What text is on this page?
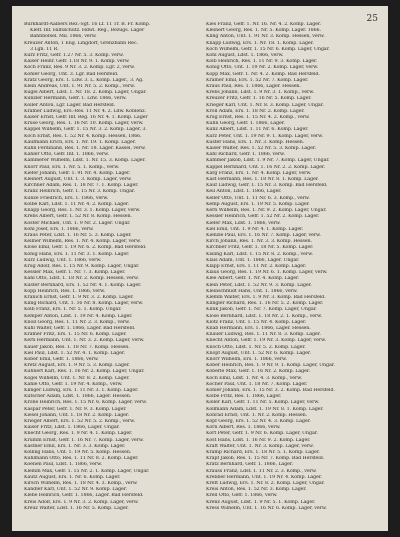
25
Burkhardt-Aalbers Rez.-Sgt. 16 Lf. 11 Tr. B. Fr. Komp.
Kleff. Inf. Hilfsschutz. Hdwl. Reg., Bezugs. Lager
Bahnhofsel. Mil. 1866, verw.
Kreuzer Anton, 1 Eng. Lingdorf, Grenzbahn Rec.
3 Lgn. 11 R.
Kurz Fritz, Gefr. 1.27 Nr. 5. 3. Komp. verw.
Kaiser Heinr. Gefr. 1.18 Nr. 9. 1. Komp. verw.
Koch Franz, Res. 9 Nr. 3. 2. Komp. Lgr. 2, verw.
Kohler Georg, Unt. 3. Lgr. Bad Hersfeld.
Kratz Georg, Ers. 1. Ldw. 3. L. Komp. Lager., 3. Ag.
Klein Andreas, Unt. 1. 91 Nr. 5. 2. Komp., verw.
Kugel Albert, Ldst. 1. Nr. 18. 2. Komp. Lager, Ungar.
Kunzler Hermann, Gefr. 1. Ldw. 1866, verw.
Koller Anton, Lgr. Lager. Bad Hersfeld.
Kramer Ludwig, Ers.-Res. 11 Nr. 4. 2. Ldw. Koblenz.
Kaiser Ernst, Gefr. Inf. Reg. 16 Nr. 4. 1. Komp. Lager
Kruse Georg, Res. 1. 16 Nr. 10. Komp. Lager, verw.
Kappel Wilhelm, Gefr. 1. 15 Nr. 3. 2. Komp. Lager, 3.
Koch Ernst, Res. 1. 52 Nr. 4. Komp. Hessen, 1866.
Kaufmann Erich, Ers. 1. Nr. 19. 1. Komp. Lager.
Kuhn Ferdinand, Res. 1. Nr. 18. Lager. Kassel, verw.
Kahler Otto, Gefr. Inf. 1. 1866, verw.
Kammerer Wilhelm, Ldst. 1. Nr. 15. 3. Komp. Lager.
Knorr Paul, Ers. 1. Nr. 5. 1. Komp., verw.
Kiefer Johann, Gefr. 1. 91 Nr. 4. Komp. Lager.
Kleinert August, Unt. 1. 3. Komp. Lager, verw.
Kirchner Adam, Res. 1. 18 Nr. 7. 1. Komp. Lager.
Kranz Heinrich, Gefr. 1. 15 Nr. 3. Komp. Ungar.
Kunze Friedrich, Ers. 1. 1866, verw.
Kolbe Karl, Ldst. 1. 11 Nr. 4. 2. Komp. Lager.
Knapp Georg, Res. 1. Nr. 3. 1. Komp. Lager, verw.
Krebs Albert, Gefr. 1. 52 Nr. 8. Komp. Hessen.
Koster Michael, Unt. 1. 9 Nr. 2. Lager. Ungar.
Kohl Josef, Ers. 1. 1866, verw.
Kraus Peter, Ldst. 1. 16 Nr. 5. 3. Komp. Lager.
Kellner Wilhelm, Res. 1. Nr. 4. Komp. Lager, verw.
Klose Emil, Gefr. 1. 19 Nr. 6. 2. Komp. Bad Hersfeld.
Konig Hans, Ers. 1. 11 Nr. 3. 1. Komp. Lager.
Kurz Ludwig, Unt. 1. 1866, verw.
Krug Adolf, Res. 1. 15 Nr. 9. Komp. Lager, Ungar.
Kessler Max, Gefr. 1. Nr. 7. 3. Komp. Lager.
Kahl Otto, Ldst. 1. 18 Nr. 2. Komp. Hessen, verw.
Kuster Bernhard, Ers. 1. 52 Nr. 4. 1. Komp. Lager.
Kopp Heinrich, Res. 1. 1866, verw.
Kranich Ernst, Gefr. 1. 9 Nr. 3. 2. Komp. Lager.
Kling Richard, Unt. 1. 16 Nr. 8. Komp. Lager, verw.
Kolb Franz, Ers. 1. Nr. 5. 1. Komp. Ungar.
Kemper Anton, Ldst. 1. 19 Nr. 4. Komp. Lager.
Knoll Georg, Res. 1. 11 Nr. 2. 3. Komp., verw.
Kuhl Walter, Gefr. 1. 1866, Lager. Bad Hersfeld.
Kramer Fritz, Ers. 1. 15 Nr. 6. Komp. Lager.
Kern Hermann, Unt. 1. Nr. 3. 2. Komp. Lager, verw.
Kauer Jakob, Res. 1. 18 Nr. 7. Komp. Hessen.
Kiel Paul, Ldst. 1. 52 Nr. 4. 1. Komp. Lager.
Kober Emil, Gefr. 1. 1866, verw.
Kretz August, Ers. 1. 9 Nr. 5. 3. Komp. Lager.
Kuhnert Karl, Res. 1. 16 Nr. 2. Komp. Lager, Ungar.
Kogel Wilhelm, Unt. 1. Nr. 8. 2. Komp. Lager.
Kahle Otto, Gefr. 1. 19 Nr. 4. Komp., verw.
Klinger Ludwig, Ers. 1. 11 Nr. 3. 1. Komp. Lager.
Kutscher Adam, Ldst. 1. 1866, Lager. Hessen.
Krone Heinrich, Res. 1. 15 Nr. 6. Komp. Lager, verw.
Kaspar Peter, Gefr. 1. Nr. 9. 3. Komp. Lager.
Kiesel Johann, Unt. 1. 18 Nr. 2. Komp. Lager.
Krieger Albert, Ers. 1. 52 Nr. 5. 2. Komp., verw.
Kaiser Fritz, Ldst. 1. 1866, Lager. Ungar.
Knecht Georg, Res. 1. 9 Nr. 4. 1. Komp. Lager.
Krumm Ernst, Gefr. 1. 16 Nr. 7. Komp. Lager, verw.
Kastner Emil, Ers. 1. Nr. 3. 3. Komp. Lager.
Kolling Hans, Unt. 1. 19 Nr. 5. Komp. Hessen.
Kuhlmann Otto, Res. 1. 11 Nr. 8. 2. Komp. Lager.
Koenen Paul, Ldst. 1. 1866, verw.
Klemm Max, Gefr. 1. 15 Nr. 2. 1. Komp. Lager, Ungar.
Kautz August, Ers. 1. Nr. 6. Komp. Lager.
Kirsch Wilhelm, Res. 1. 18 Nr. 4. 3. Komp., verw.
Kandler Karl, Unt. 1. 52 Nr. 9. Komp. Lager.
Klebe Heinrich, Gefr. 1. 1866, Lager. Bad Hersfeld.
Kreis Adolf, Ers. 1. 9 Nr. 3. 2. Komp. Lager, verw.
Kreuz Walter, Ldst. 1. 16 Nr. 5. Komp. Lager.
Kies Franz, Gefr. 1. Nr. 16. Nr. 4. 2. Komp. Lager.
Kleinert Georg, Res. 1. Nr. 5. Komp. Lager. 1866.
Kling Anton, Unt. 1. 91 Nr. 3. Komp. Hessen, verw.
Knapp Ludwig, Ers. 1. Nr. 18. 1. Komp. Lager.
Koch Wilhelm, Gefr. 1. 15 Nr. 6. Komp. Lager, Ungar.
Kohl August, Ldst. 1. 1866, verw.
Kolb Heinrich, Res. 1. 11 Nr. 9. 3. Komp. Lager.
Konig Otto, Unt. 1. 19 Nr. 2. Komp. Lager, verw.
Kopp Max, Gefr. 1. Nr. 4. 2. Komp. Bad Hersfeld.
Kramer Emil, Ers. 1. 52 Nr. 7. Komp. Lager.
Kraus Paul, Res. 1. 1866, Lager. Hessen.
Krebs Johann, Ldst. 1. 9 Nr. 3. 1. Komp., verw.
Kreuzer Fritz, Gefr. 1. 16 Nr. 5. Komp. Lager.
Krieger Karl, Unt. 1. Nr. 8. 3. Komp. Lager, Ungar.
Kroll Adam, Ers. 1. 18 Nr. 2. Komp. Lager.
Krug Ernst, Res. 1. 15 Nr. 4. 2. Komp., verw.
Kuhn Georg, Gefr. 1. 1866, Lager.
Kunz Albert, Ldst. 1. 11 Nr. 6. Komp. Lager.
Kurz Peter, Unt. 1. 19 Nr. 9. 1. Komp. Lager, verw.
Kuster Hans, Ers. 1. Nr. 3. Komp. Hessen.
Kaiser Walter, Res. 1. 52 Nr. 5. 3. Komp. Lager.
Kahl Richard, Gefr. 1. 1866, verw.
Kammer Jakob, Ldst. 1. 9 Nr. 7. Komp. Lager, Ungar.
Kappel Bernhard, Unt. 1. 16 Nr. 2. 2. Komp. Lager.
Karg Franz, Ers. 1. Nr. 4. Komp. Lager, verw.
Kast Hermann, Res. 1. 18 Nr. 8. 1. Komp. Lager.
Kauf Ludwig, Gefr. 1. 15 Nr. 3. Komp. Bad Hersfeld.
Keil Anton, Ldst. 1. 1866, Lager.
Keller Otto, Unt. 1. 11 Nr. 6. 3. Komp., verw.
Kemp August, Ers. 1. 19 Nr. 5. Komp. Lager.
Kern Wilhelm, Res. 1. Nr. 9. 2. Komp. Lager, Ungar.
Kessler Heinrich, Gefr. 1. 52 Nr. 2. Komp. Lager.
Kiefer Max, Ldst. 1. 1866, verw.
Kiel Emil, Unt. 1. 9 Nr. 4. 1. Komp. Lager.
Kienzle Paul, Ers. 1. 16 Nr. 7. Komp. Lager, verw.
Kirch Johann, Res. 1. Nr. 3. 3. Komp. Hessen.
Kirchner Fritz, Gefr. 1. 18 Nr. 5. Komp. Lager.
Kisling Karl, Ldst. 1. 15 Nr. 8. 2. Komp., verw.
Klais Adam, Unt. 1. 1866, Lager. Ungar.
Klapp Ernst, Ers. 1. 11 Nr. 2. Komp. Lager.
Klaus Georg, Res. 1. 19 Nr. 6. 1. Komp. Lager, verw.
Klee Albert, Gefr. 1. Nr. 4. Komp. Lager.
Klein Peter, Ldst. 1. 52 Nr. 9. 3. Komp. Lager.
Kleinschmidt Hans, Unt. 1. 1866, verw.
Klemm Walter, Ers. 1. 9 Nr. 3. Komp. Bad Hersfeld.
Klingler Richard, Res. 1. 16 Nr. 5. 2. Komp. Lager.
Klink Jakob, Gefr. 1. Nr. 7. Komp. Lager, Ungar.
Klose Bernhard, Ldst. 1. 18 Nr. 2. 1. Komp., verw.
Klotz Franz, Unt. 1. 15 Nr. 4. Komp. Lager.
Knab Hermann, Ers. 1. 1866, Lager. Hessen.
Knauer Ludwig, Res. 1. 11 Nr. 8. 3. Komp. Lager.
Knecht Anton, Gefr. 1. 19 Nr. 3. Komp. Lager, verw.
Knoch Otto, Ldst. 1. Nr. 5. 2. Komp. Lager.
Knopf August, Unt. 1. 52 Nr. 6. Komp. Lager.
Knorr Wilhelm, Ers. 1. 1866, verw.
Kober Heinrich, Res. 1. 9 Nr. 9. 1. Komp. Lager, Ungar.
Koberle Max, Gefr. 1. 16 Nr. 2. Komp. Lager.
Koch Emil, Ldst. 1. Nr. 4. 3. Komp., verw.
Kocher Paul, Unt. 1. 18 Nr. 7. Komp. Lager.
Kohler Johann, Ers. 1. 15 Nr. 3. 2. Komp. Bad Hersfeld.
Kolbe Fritz, Res. 1. 1866, Lager.
Koller Karl, Gefr. 1. 11 Nr. 5. Komp. Lager, verw.
Kollmann Adam, Ldst. 1. 19 Nr. 8. 1. Komp. Lager.
Konrad Ernst, Unt. 1. Nr. 2. Komp. Hessen.
Kopf Georg, Ers. 1. 52 Nr. 4. 3. Komp. Lager.
Korn Albert, Res. 1. 1866, verw.
Kort Peter, Gefr. 1. 9 Nr. 6. Komp. Lager, Ungar.
Kost Hans, Ldst. 1. 16 Nr. 9. 2. Komp. Lager.
Kraft Walter, Unt. 1. Nr. 3. Komp. Lager, verw.
Kramp Richard, Ers. 1. 18 Nr. 5. 1. Komp. Lager.
Krapf Jakob, Res. 1. 15 Nr. 7. Komp. Bad Hersfeld.
Kratz Bernhard, Gefr. 1. 1866, Lager.
Krauss Franz, Ldst. 1. 11 Nr. 2. 3. Komp., verw.
Krebber Hermann, Unt. 1. 19 Nr. 4. Komp. Lager.
Kreft Ludwig, Ers. 1. Nr. 8. 2. Komp. Lager, Ungar.
Kreis Anton, Res. 1. 52 Nr. 3. Komp. Lager.
Krell Otto, Gefr. 1. 1866, verw.
Krenz August, Ldst. 1. 9 Nr. 5. 1. Komp. Lager.
Kress Wilhelm, Unt. 1. 16 Nr. 6. Komp. Lager, verw.
